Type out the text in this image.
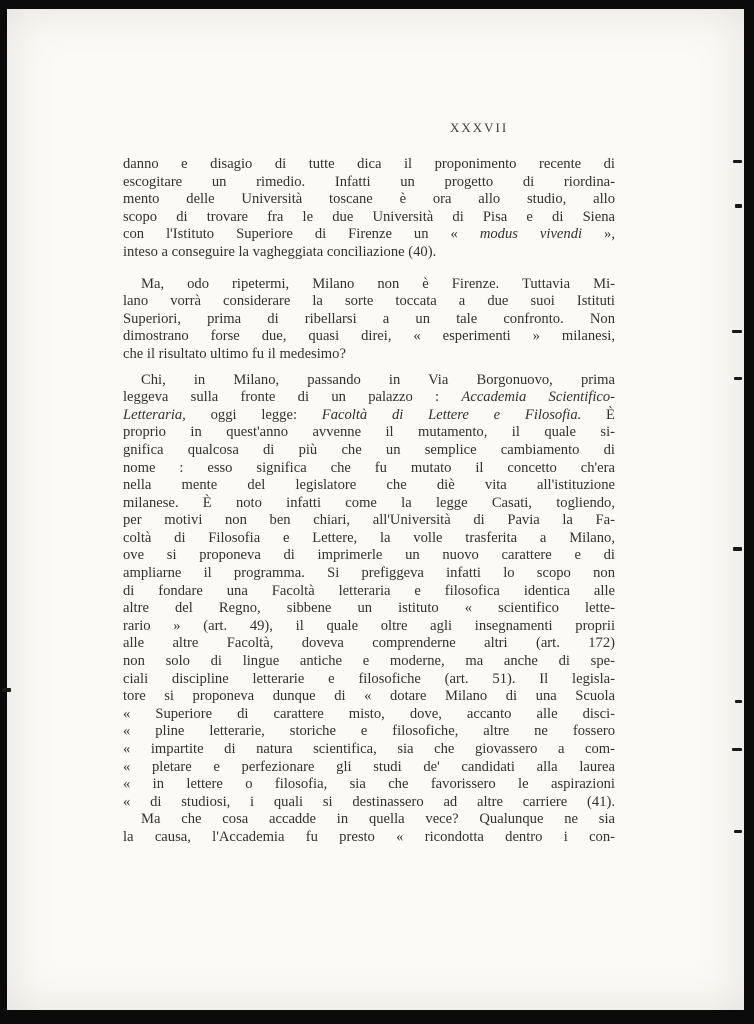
XXXVII
danno e disagio di tutte dica il proponimento recente di
escogitare un rimedio. Infatti un progetto di riordina-
mento delle Università toscane è ora allo studio, allo
scopo di trovare fra le due Università di Pisa e di Siena
con l'Istituto Superiore di Firenze un « modus vivendi »,
inteso a conseguire la vagheggiata conciliazione (40).
Ma, odo ripetermi, Milano non è Firenze. Tuttavia Mi-
lano vorrà considerare la sorte toccata a due suoi Istituti
Superiori, prima di ribellarsi a un tale confronto. Non
dimostrano forse due, quasi direi, « esperimenti » milanesi,
che il risultato ultimo fu il medesimo?
Chi, in Milano, passando in Via Borgonuovo, prima
leggeva sulla fronte di un palazzo : Accademia Scientifico-
Letteraria, oggi legge: Facoltà di Lettere e Filosofia. È
proprio in quest'anno avvenne il mutamento, il quale si-
gnifica qualcosa di più che un semplice cambiamento di
nome : esso significa che fu mutato il concetto ch'era
nella mente del legislatore che diè vita all'istituzione
milanese. È noto infatti come la legge Casati, togliendo,
per motivi non ben chiari, all'Università di Pavia la Fa-
coltà di Filosofia e Lettere, la volle trasferita a Milano,
ove si proponeva di imprimerle un nuovo carattere e di
ampliarne il programma. Si prefiggeva infatti lo scopo non
di fondare una Facoltà letteraria e filosofica identica alle
altre del Regno, sibbene un istituto « scientifico lette-
rario » (art. 49), il quale oltre agli insegnamenti proprii
alle altre Facoltà, doveva comprenderne altri (art. 172)
non solo di lingue antiche e moderne, ma anche di spe-
ciali discipline letterarie e filosofiche (art. 51). Il legisla-
tore si proponeva dunque di « dotare Milano di una Scuola
« Superiore di carattere misto, dove, accanto alle disci-
« pline letterarie, storiche e filosofiche, altre ne fossero
« impartite di natura scientifica, sia che giovassero a com-
« pletare e perfezionare gli studi de' candidati alla laurea
« in lettere o filosofia, sia che favorissero le aspirazioni
« di studiosi, i quali si destinassero ad altre carriere (41).
Ma che cosa accadde in quella vece? Qualunque ne sia
la causa, l'Accademia fu presto « ricondotta dentro i con-
